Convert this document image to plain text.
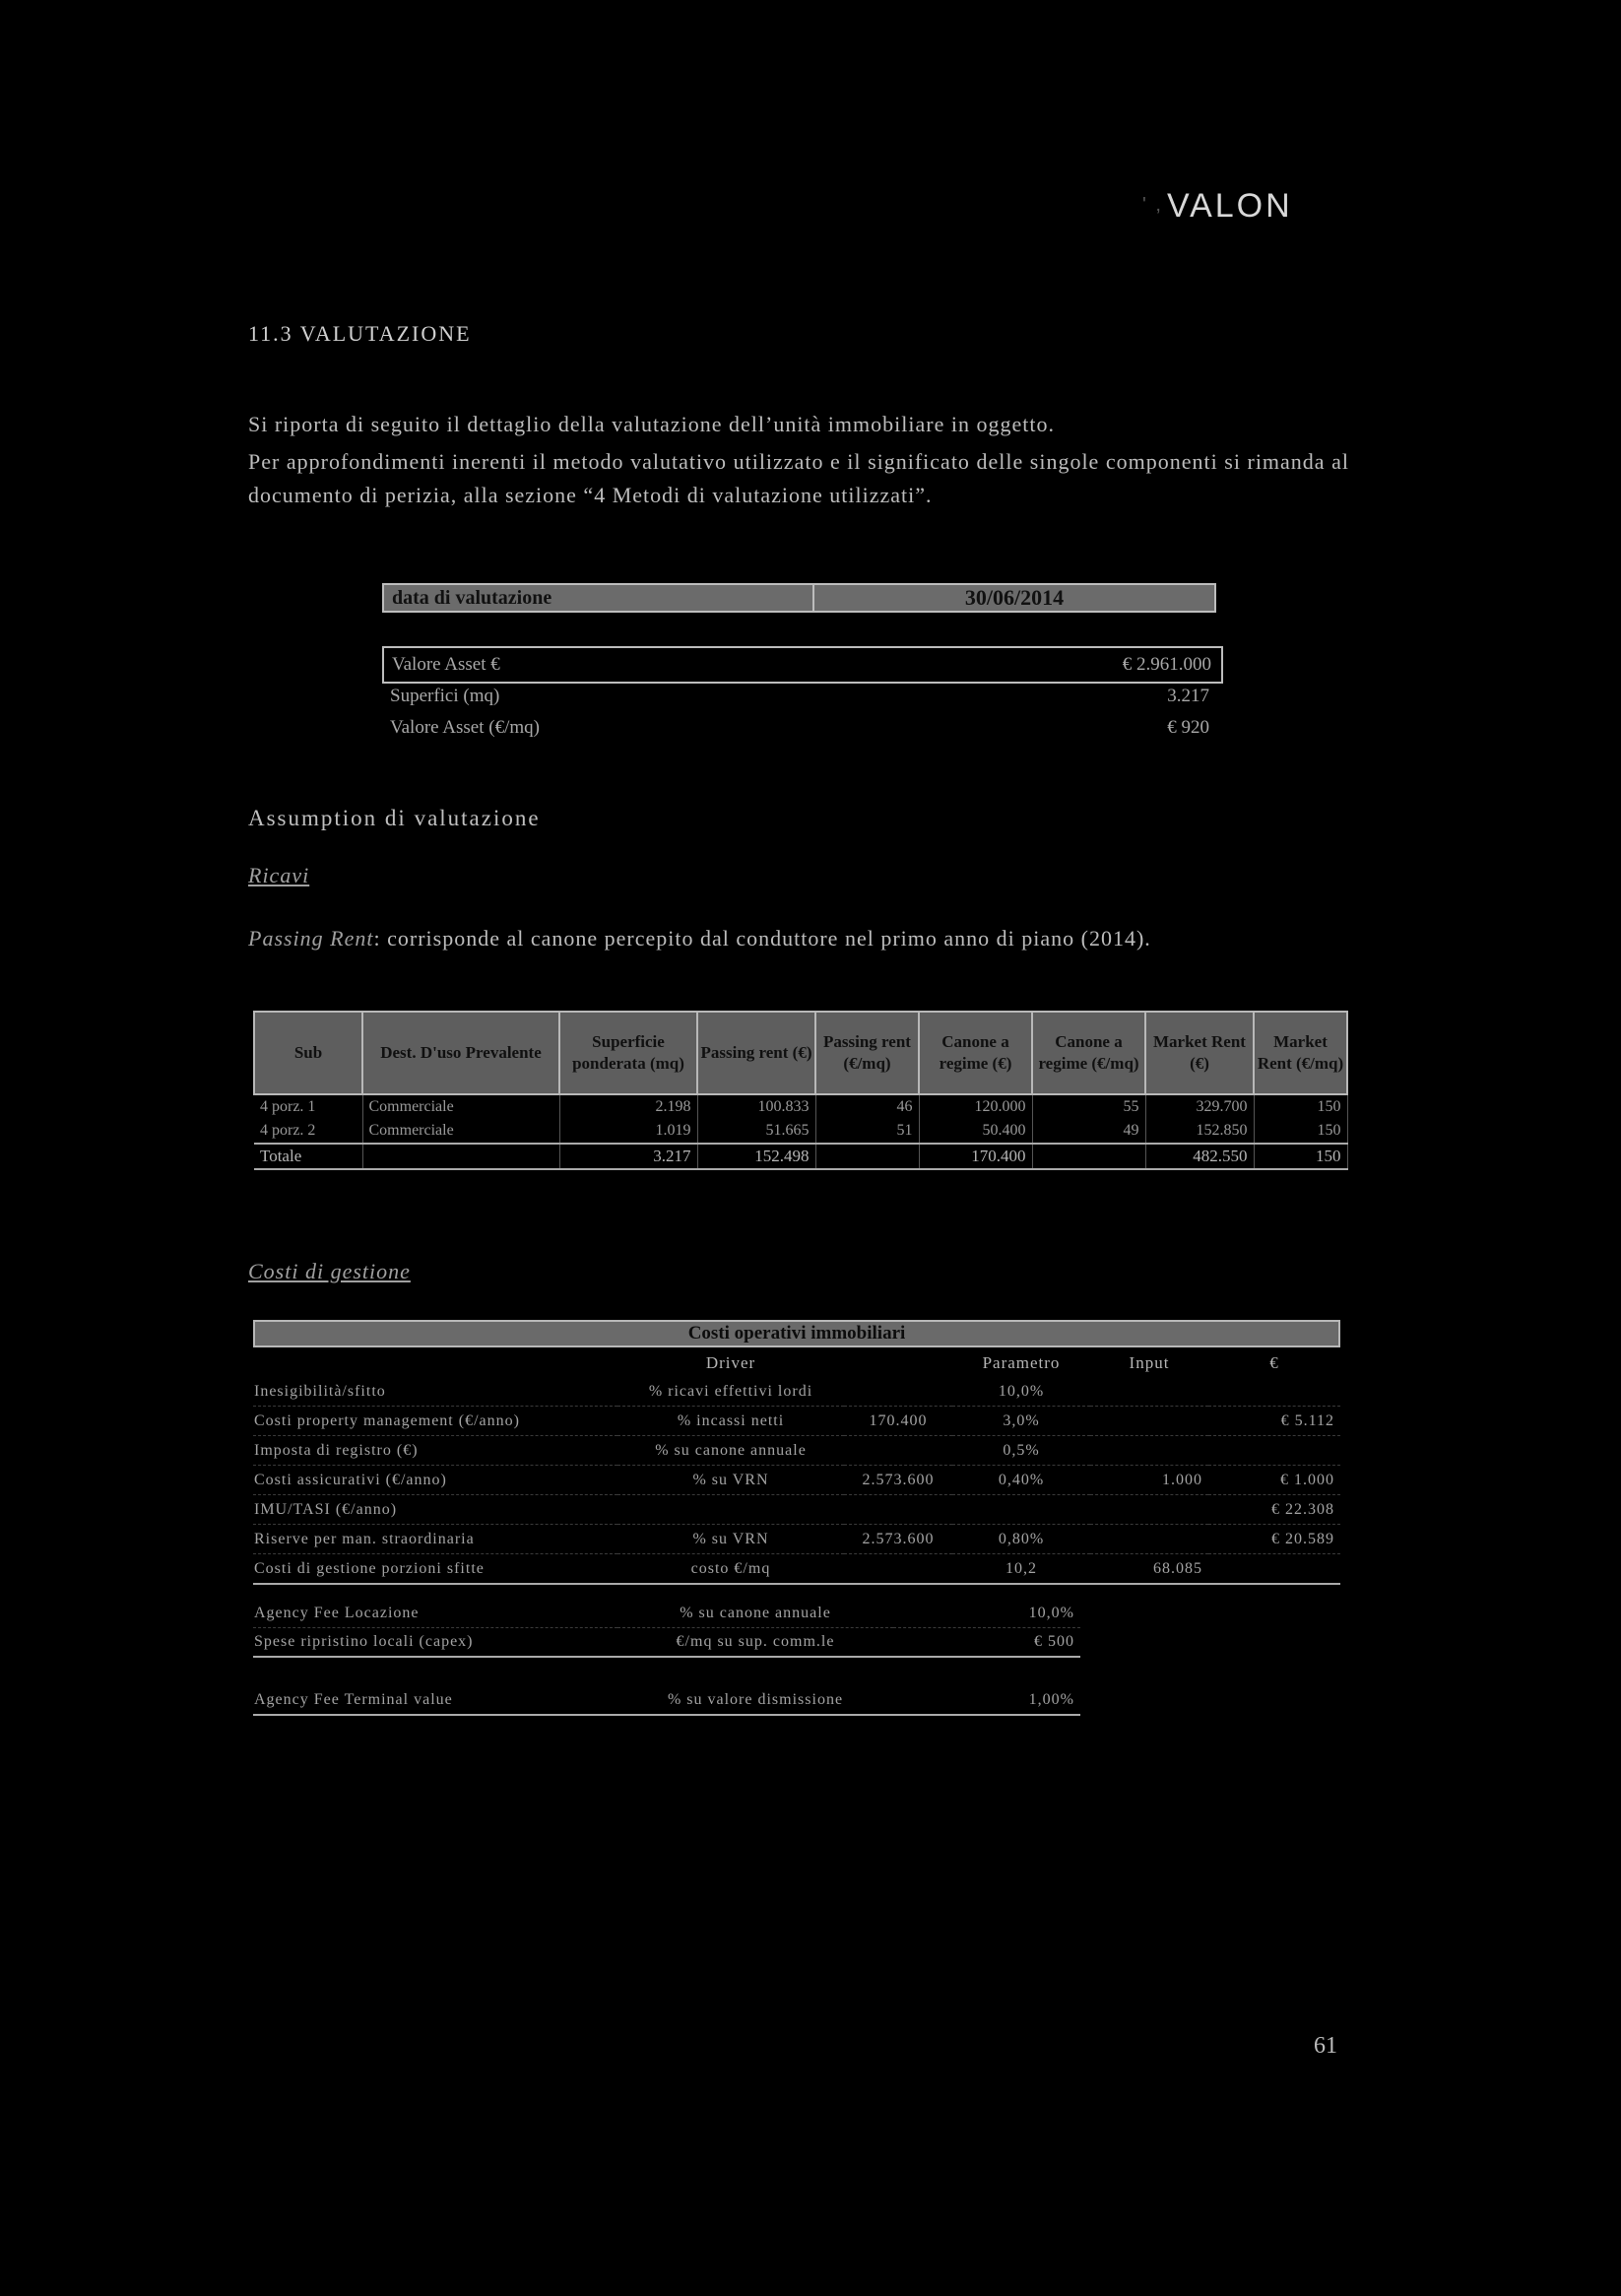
' , VALON
11.3 VALUTAZIONE
Si riporta di seguito il dettaglio della valutazione dell’unità immobiliare in oggetto.
Per approfondimenti inerenti il metodo valutativo utilizzato e il significato delle singole componenti si rimanda al documento di perizia, alla sezione “4 Metodi di valutazione utilizzati”.
data di valutazione	30/06/2014
Valore Asset €	€ 2.961.000
Superfici (mq)	3.217
Valore Asset (€/mq)	€ 920
Assumption di valutazione
Ricavi
Passing Rent: corrisponde al canone percepito dal conduttore nel primo anno di piano (2014).
Sub	Dest. D'uso Prevalente	Superficie ponderata (mq)	Passing rent (€)	Passing rent (€/mq)	Canone a regime (€)	Canone a regime (€/mq)	Market Rent (€)	Market Rent (€/mq)
4 porz. 1	Commerciale	2.198	100.833	46	120.000	55	329.700	150
4 porz. 2	Commerciale	1.019	51.665	51	50.400	49	152.850	150
Totale		3.217	152.498		170.400		482.550	150
Costi di gestione
Costi operativi immobiliari
	Driver		Parametro	Input	€
Inesigibilità/sfitto	% ricavi effettivi lordi		10,0%		
Costi property management (€/anno)	% incassi netti	170.400	3,0%		€ 5.112
Imposta di registro (€)	% su canone annuale		0,5%		
Costi assicurativi (€/anno)	% su VRN	2.573.600	0,40%	1.000	€ 1.000
IMU/TASI (€/anno)					€ 22.308
Riserve per man. straordinaria	% su VRN	2.573.600	0,80%		€ 20.589
Costi di gestione porzioni sfitte	costo €/mq		10,2	68.085	
Agency Fee Locazione	% su canone annuale	10,0%
Spese ripristino locali (capex)	€/mq su sup. comm.le	€ 500
Agency Fee Terminal value	% su valore dismissione	1,00%
61
